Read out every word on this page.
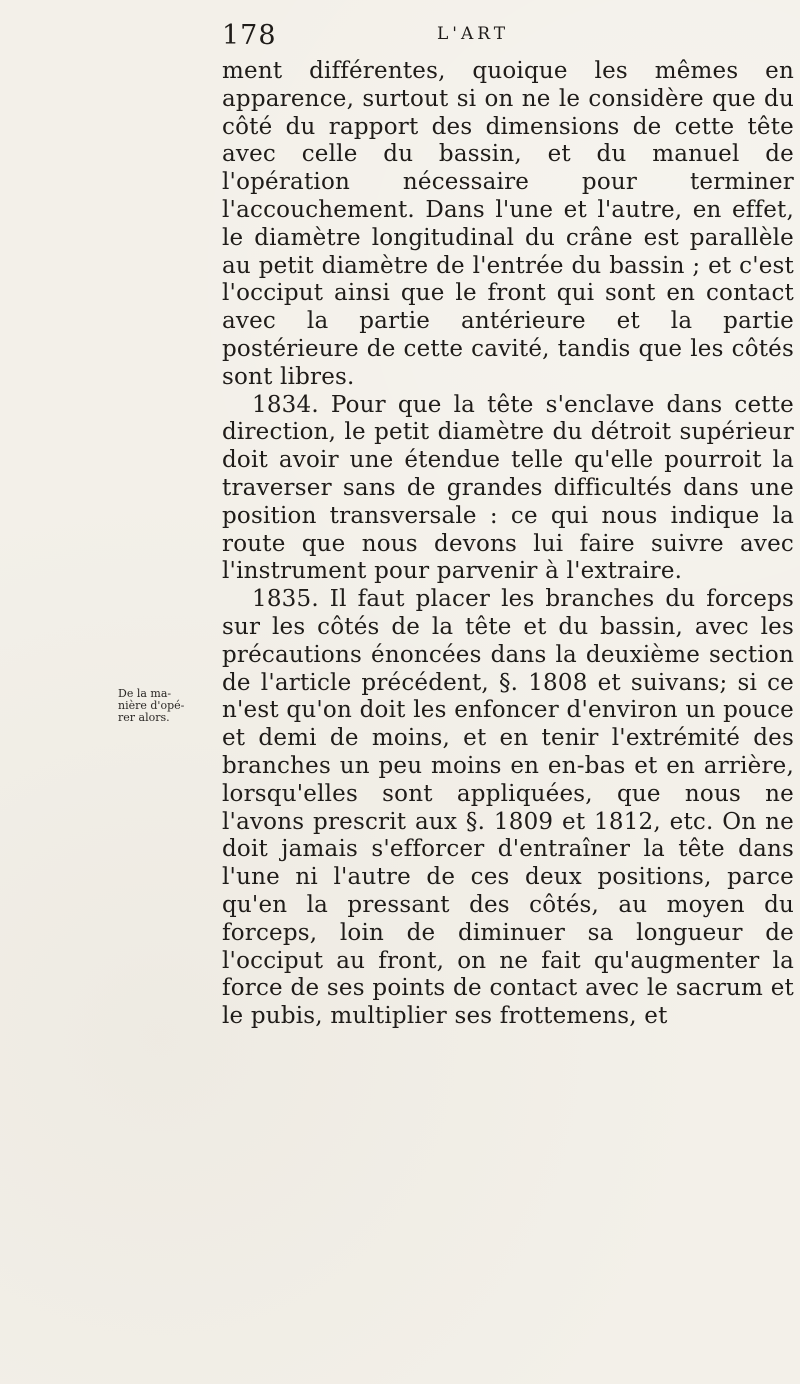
178	L'ART
De la ma-
nière d'opé-
rer alors.

ment différentes, quoique les mêmes en apparence, surtout si on ne le considère que du côté du rapport des dimensions de cette tête avec celle du bassin, et du manuel de l'opération nécessaire pour terminer l'accouchement. Dans l'une et l'autre, en effet, le diamètre longitudinal du crâne est parallèle au petit diamètre de l'entrée du bassin ; et c'est l'occiput ainsi que le front qui sont en contact avec la partie antérieure et la partie postérieure de cette cavité, tandis que les côtés sont libres.

1834. Pour que la tête s'enclave dans cette direction, le petit diamètre du détroit supérieur doit avoir une étendue telle qu'elle pourroit la traverser sans de grandes difficultés dans une position transversale : ce qui nous indique la route que nous devons lui faire suivre avec l'instrument pour parvenir à l'extraire.

1835. Il faut placer les branches du forceps sur les côtés de la tête et du bassin, avec les précautions énoncées dans la deuxième section de l'article précédent, §. 1808 et suivans; si ce n'est qu'on doit les enfoncer d'environ un pouce et demi de moins, et en tenir l'extrémité des branches un peu moins en en-bas et en arrière, lorsqu'elles sont appliquées, que nous ne l'avons prescrit aux §. 1809 et 1812, etc. On ne doit jamais s'efforcer d'entraîner la tête dans l'une ni l'autre de ces deux positions, parce qu'en la pressant des côtés, au moyen du forceps, loin de diminuer sa longueur de l'occiput au front, on ne fait qu'augmenter la force de ses points de contact avec le sacrum et le pubis, multiplier ses frottemens, et
